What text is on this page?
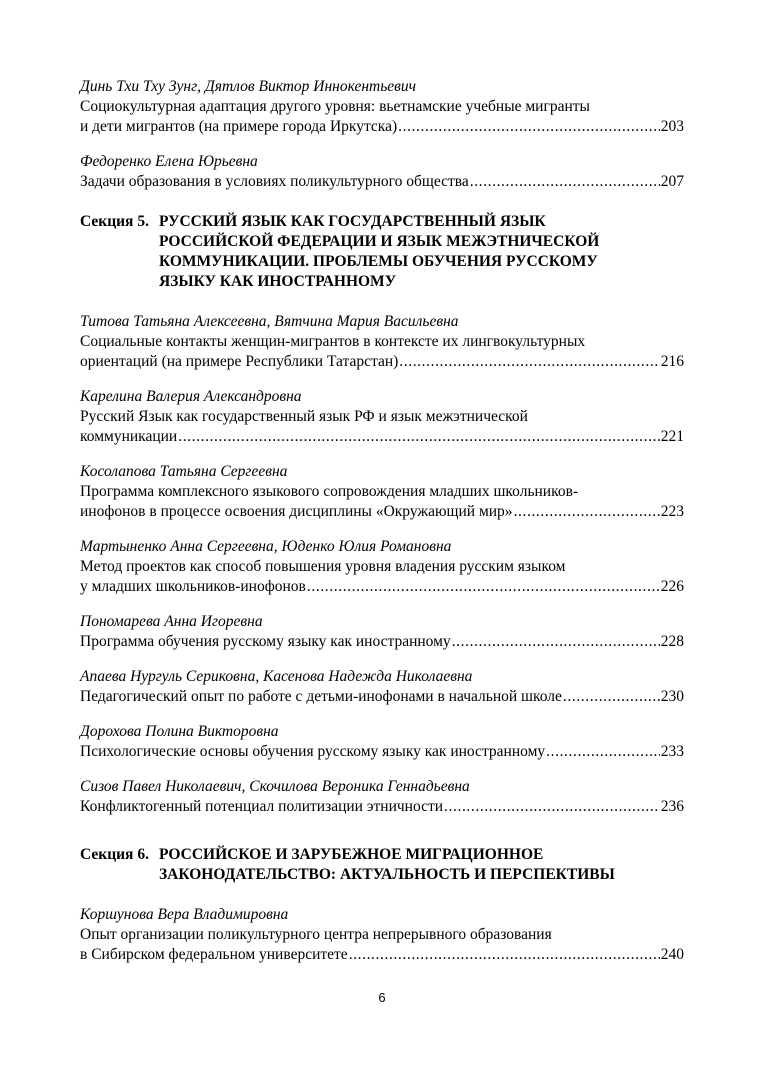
Динь Тхи Тху Зунг, Дятлов Виктор Иннокентьевич
Социокультурная адаптация другого уровня: вьетнамские учебные мигранты
и дети мигрантов (на примере города Иркутска) .....	203
Федоренко Елена Юрьевна
Задачи образования в условиях поликультурного общества .....	207
Секция 5. РУССКИЙ ЯЗЫК КАК ГОСУДАРСТВЕННЫЙ ЯЗЫК
РОССИЙСКОЙ ФЕДЕРАЦИИ И ЯЗЫК МЕЖЭТНИЧЕСКОЙ
КОММУНИКАЦИИ. ПРОБЛЕМЫ ОБУЧЕНИЯ РУССКОМУ
ЯЗЫКУ КАК ИНОСТРАННОМУ
Титова Татьяна Алексеевна, Вятчина Мария Васильевна
Социальные контакты женщин-мигрантов в контексте их лингвокультурных
ориентаций (на примере Республики Татарстан) .....	216
Карелина Валерия Александровна
Русский Язык как государственный язык РФ и язык межэтнической
коммуникации .....	221
Косолапова Татьяна Сергеевна
Программа комплексного языкового сопровождения младших школьников-
инофонов в процессе освоения дисциплины «Окружающий мир» .....	223
Мартыненко Анна Сергеевна, Юденко Юлия Романовна
Метод проектов как способ повышения уровня владения русским языком
у младших школьников-инофонов .....	226
Пономарева Анна Игоревна
Программа обучения русскому языку как иностранному .....	228
Апаева Нургуль Сериковна, Касенова Надежда Николаевна
Педагогический опыт по работе с детьми-инофонами в начальной школе .....	230
Дорохова Полина Викторовна
Психологические основы обучения русскому языку как иностранному .....	233
Сизов Павел Николаевич, Скочилова Вероника Геннадьевна
Конфликтогенный потенциал политизации этничности .....	236
Секция 6. РОССИЙСКОЕ И ЗАРУБЕЖНОЕ МИГРАЦИОННОЕ
ЗАКОНОДАТЕЛЬСТВО: АКТУАЛЬНОСТЬ И ПЕРСПЕКТИВЫ
Коршунова Вера Владимировна
Опыт организации поликультурного центра непрерывного образования
в Сибирском федеральном университете .....	240
6
